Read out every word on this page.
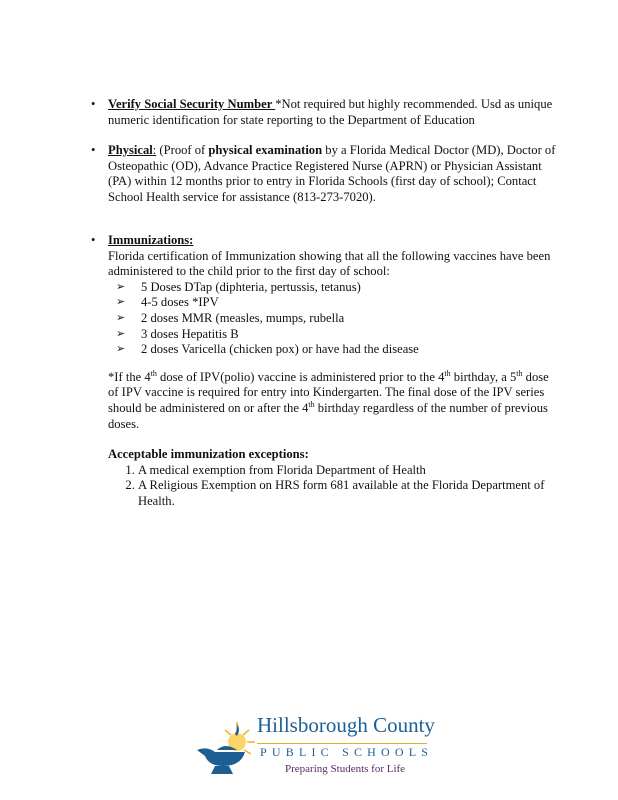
• Verify Social Security Number *Not required but highly recommended. Usd as unique numeric identification for state reporting to the Department of Education
• Physical: (Proof of physical examination by a Florida Medical Doctor (MD), Doctor of Osteopathic (OD), Advance Practice Registered Nurse (APRN) or Physician Assistant (PA) within 12 months prior to entry in Florida Schools (first day of school); Contact School Health service for assistance (813-273-7020).
• Immunizations:
Florida certification of Immunization showing that all the following vaccines have been administered to the child prior to the first day of school:
➢ 5 Doses DTap (diphteria, pertussis, tetanus)
➢ 4-5 doses *IPV
➢ 2 doses MMR (measles, mumps, rubella
➢ 3 doses Hepatitis B
➢ 2 doses Varicella (chicken pox) or have had the disease
*If the 4th dose of IPV(polio) vaccine is administered prior to the 4th birthday, a 5th dose of IPV vaccine is required for entry into Kindergarten. The final dose of the IPV series should be administered on or after the 4th birthday regardless of the number of previous doses.
Acceptable immunization exceptions:
1. A medical exemption from Florida Department of Health
2. A Religious Exemption on HRS form 681 available at the Florida Department of Health.
Hillsborough County
PUBLIC SCHOOLS
Preparing Students for Life
